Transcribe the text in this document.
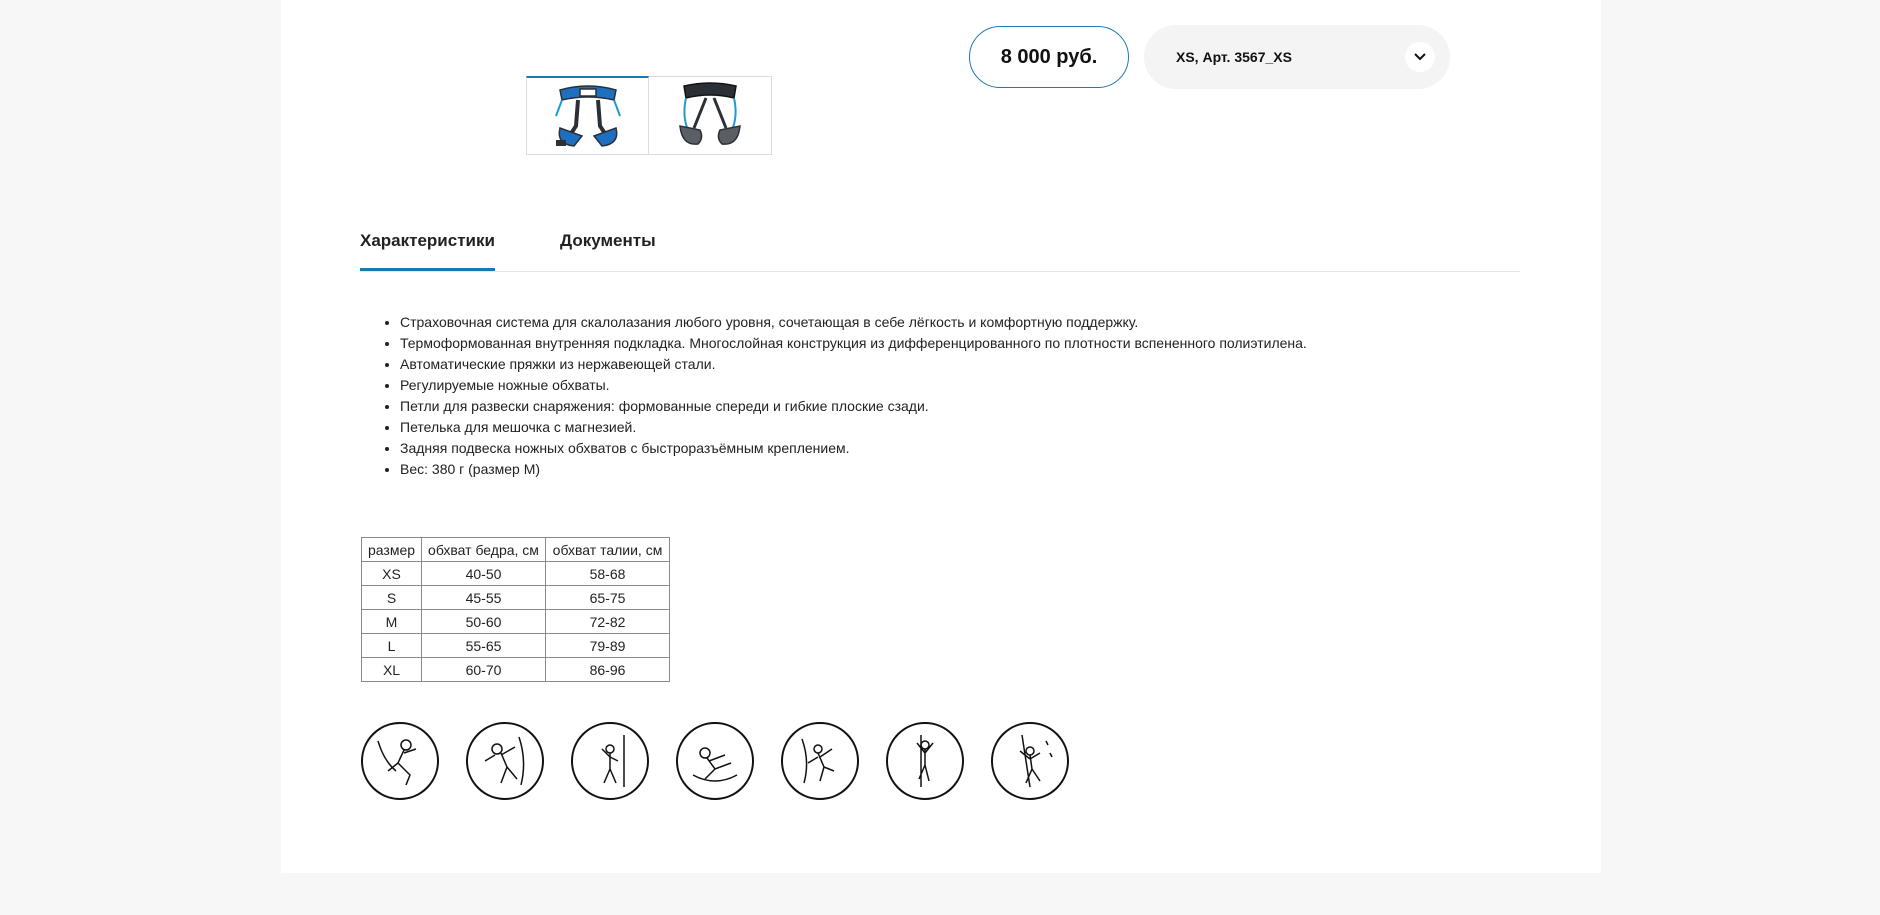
8 000 руб.	XS, Арт. 3567_XS
Характеристики	Документы
• Страховочная система для скалолазания любого уровня, сочетающая в себе лёгкость и комфортную поддержку.
• Термоформованная внутренняя подкладка. Многослойная конструкция из дифференцированного по плотности вспененного полиэтилена.
• Автоматические пряжки из нержавеющей стали.
• Регулируемые ножные обхваты.
• Петли для развески снаряжения: формованные спереди и гибкие плоские сзади.
• Петелька для мешочка с магнезией.
• Задняя подвеска ножных обхватов с быстроразъёмным креплением.
• Вес: 380 г (размер M)
размер	обхват бедра, см	обхват талии, см
XS	40-50	58-68
S	45-55	65-75
M	50-60	72-82
L	55-65	79-89
XL	60-70	86-96
